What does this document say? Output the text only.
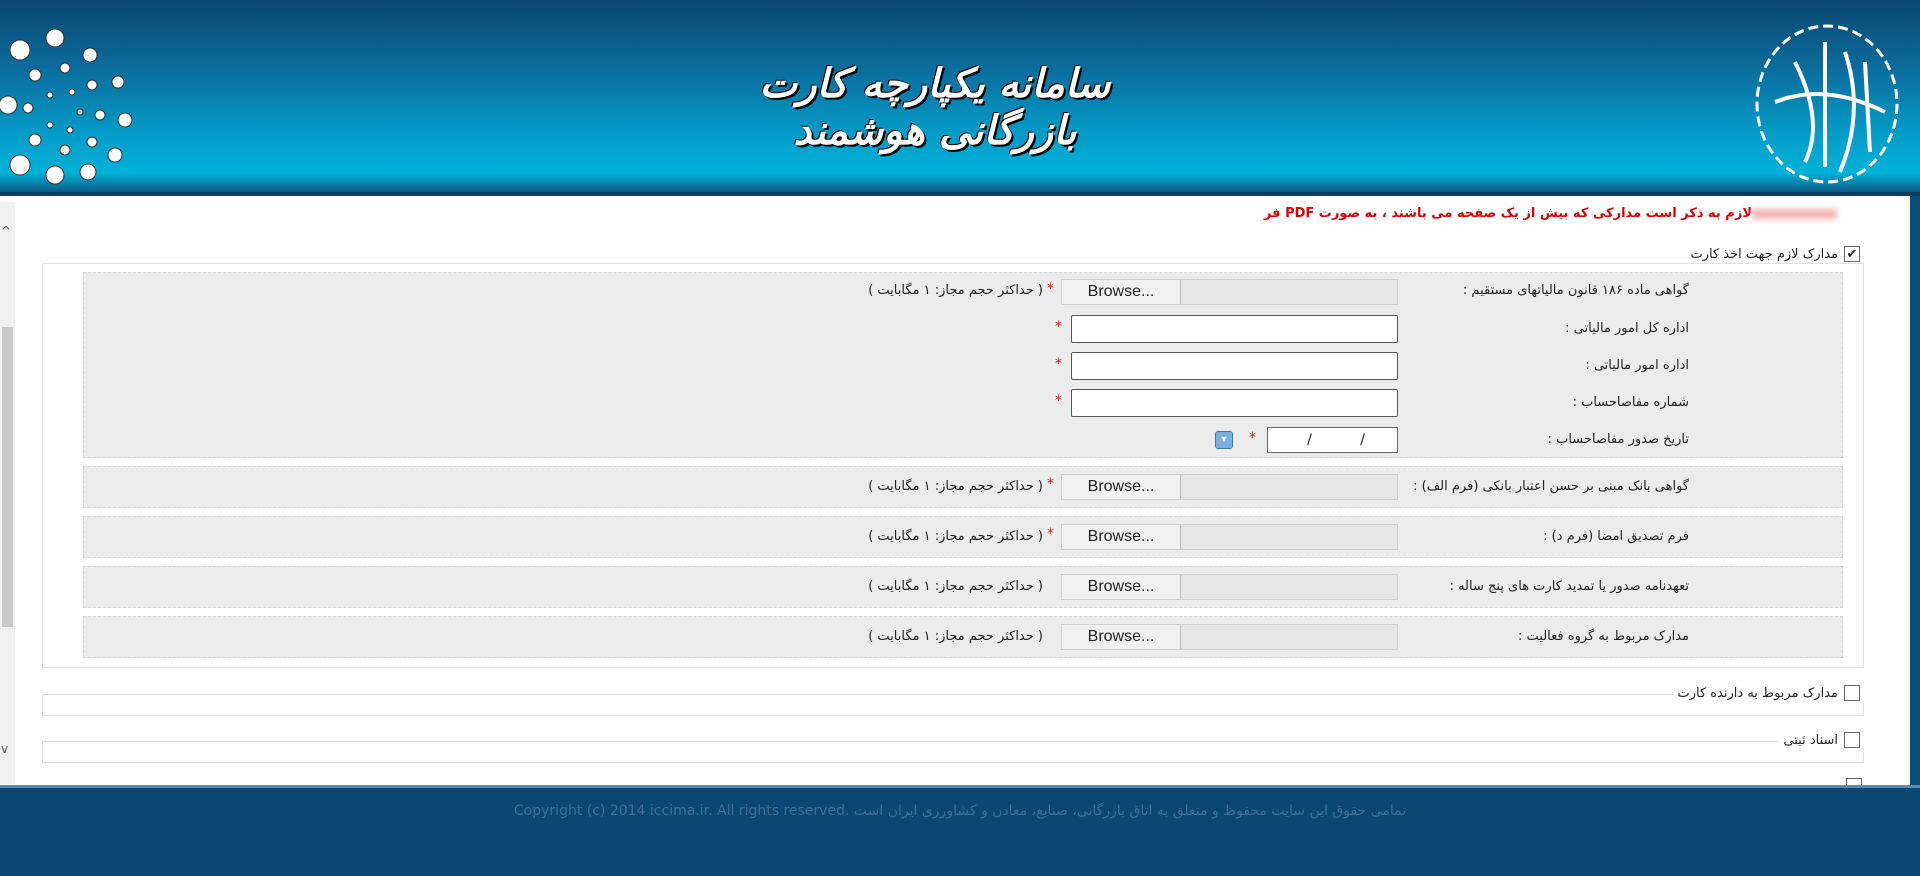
سامانه یکپارچه کارت بازرگانی هوشمند
^
v
لازم به ذکر است مدارکی که بیش از یک صفحه می باشند ، به صورت PDF فر
✔
مدارک لازم جهت اخذ کارت
گواهی ماده ۱۸۶ قانون مالیاتهای مستقیم :
Browse...
*
( حداکثر حجم مجاز: ۱ مگابایت )
اداره کل امور مالیاتی :
*
اداره امور مالیاتی :
*
شماره مفاصاحساب :
*
تاریخ صدور مفاصاحساب :
/ /
*
▾
گواهی بانک مبنی بر حسن اعتبار بانکی (فرم الف) :
Browse...
*
( حداکثر حجم مجاز: ۱ مگابایت )
فرم تصدیق امضا (فرم د) :
Browse...
*
( حداکثر حجم مجاز: ۱ مگابایت )
تعهدنامه صدور یا تمدید کارت های پنج ساله :
Browse...
( حداکثر حجم مجاز: ۱ مگابایت )
مدارک مربوط به گروه فعالیت :
Browse...
( حداکثر حجم مجاز: ۱ مگابایت )
مدارک مربوط به دارنده کارت
اسناد ثبتی
تمامی حقوق این سایت محفوظ و متعلق به اتاق بازرگانی، صنایع، معادن و کشاورزی ایران است .Copyright (c) 2014 iccima.ir. All rights reserved
